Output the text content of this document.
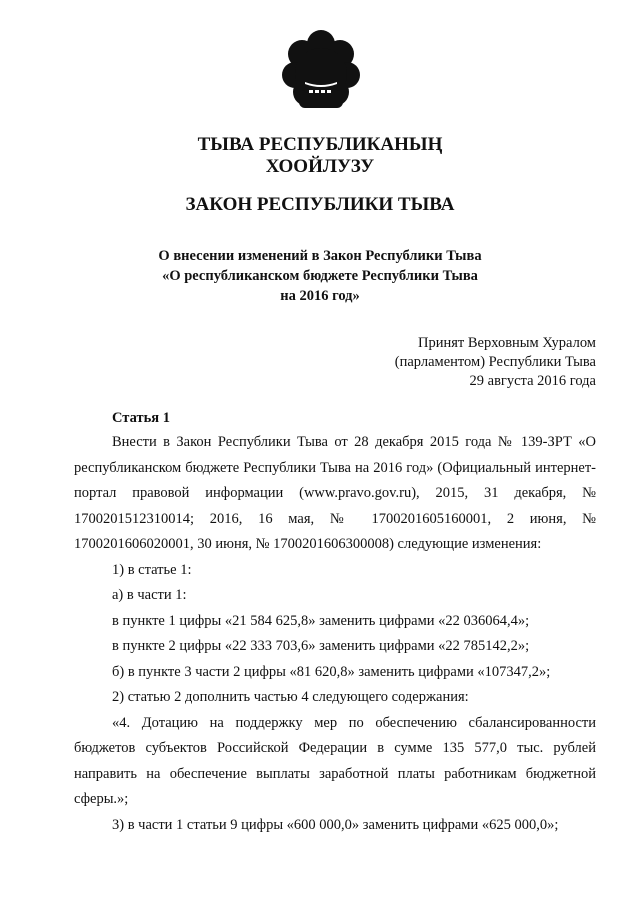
ТЫВА РЕСПУБЛИКАНЫҢ
ХООЙЛУЗУ
ЗАКОН РЕСПУБЛИКИ ТЫВА
О внесении изменений в Закон Республики Тыва
«О республиканском бюджете Республики Тыва
на 2016 год»
Принят Верховным Хуралом
(парламентом) Республики Тыва
29 августа 2016 года
Статья 1

Внести в Закон Республики Тыва от 28 декабря 2015 года № 139-ЗРТ «О республиканском бюджете Республики Тыва на 2016 год» (Официальный интернет-портал правовой информации (www.pravo.gov.ru), 2015, 31 декабря, № 1700201512310014; 2016, 16 мая, № 1700201605160001, 2 июня, № 1700201606020001, 30 июня, № 1700201606300008) следующие изменения:

1) в статье 1:

а) в части 1:

в пункте 1 цифры «21 584 625,8» заменить цифрами «22 036064,4»;

в пункте 2 цифры «22 333 703,6» заменить цифрами «22 785142,2»;

б) в пункте 3 части 2 цифры «81 620,8» заменить цифрами «107347,2»;

2) статью 2 дополнить частью 4 следующего содержания:

«4. Дотацию на поддержку мер по обеспечению сбалансированности бюджетов субъектов Российской Федерации в сумме 135 577,0 тыс. рублей направить на обеспечение выплаты заработной платы работникам бюджетной сферы.»;

3) в части 1 статьи 9 цифры «600 000,0» заменить цифрами «625 000,0»;
